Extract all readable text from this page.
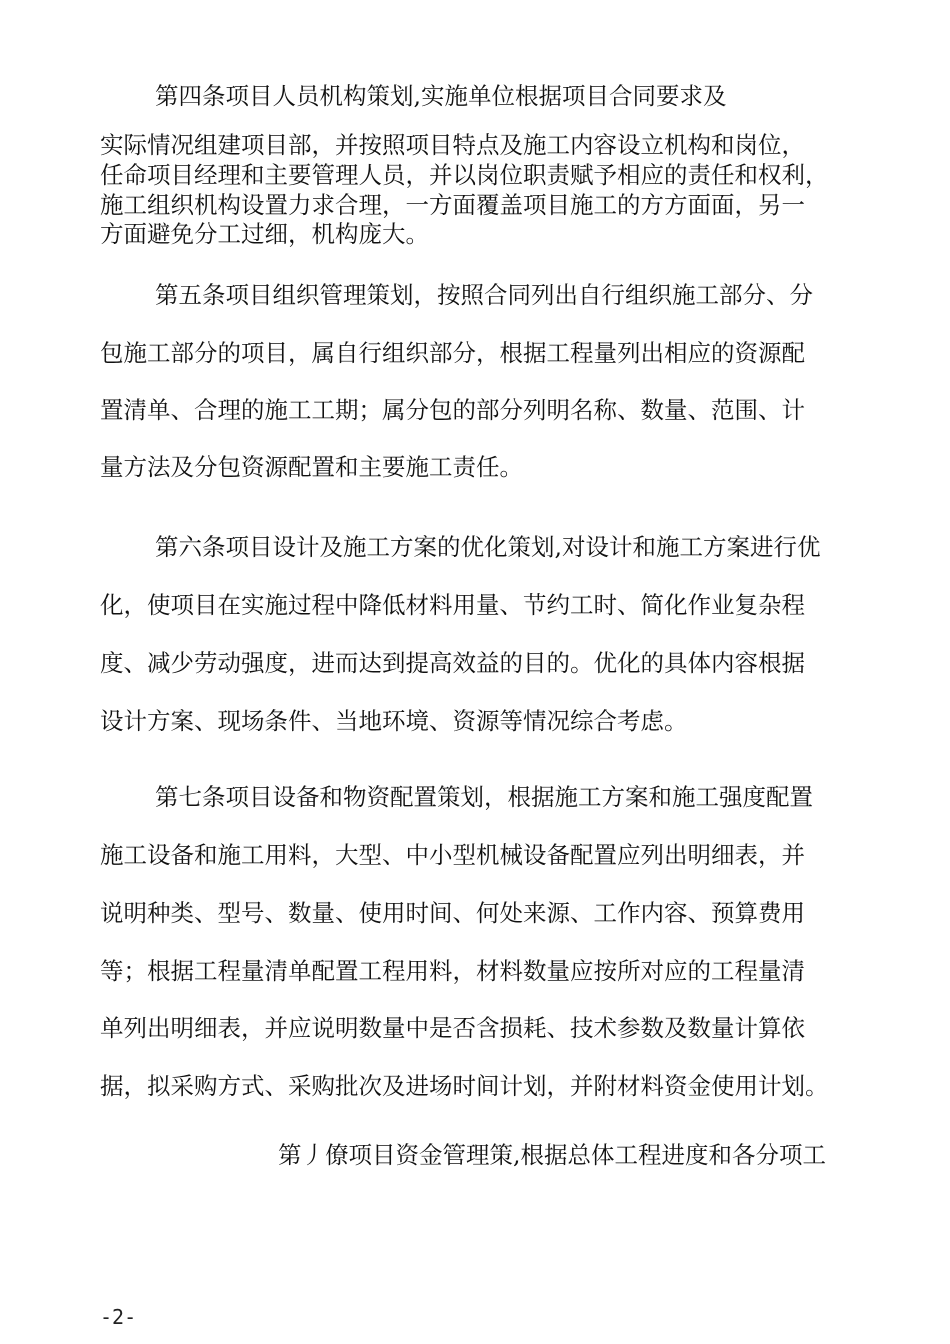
第四条项目人员机构策划,实施单位根据项目合同要求及
实际情况组建项目部，并按照项目特点及施工内容设立机构和岗位，
任命项目经理和主要管理人员，并以岗位职责赋予相应的责任和权利，
施工组织机构设置力求合理，一方面覆盖项目施工的方方面面，另一
方面避免分工过细，机构庞大。
第五条项目组织管理策划，按照合同列出自行组织施工部分、分
包施工部分的项目，属自行组织部分，根据工程量列出相应的资源配
置清单、合理的施工工期；属分包的部分列明名称、数量、范围、计
量方法及分包资源配置和主要施工责任。
第六条项目设计及施工方案的优化策划,对设计和施工方案进行优
化，使项目在实施过程中降低材料用量、节约工时、简化作业复杂程
度、减少劳动强度，进而达到提高效益的目的。优化的具体内容根据
设计方案、现场条件、当地环境、资源等情况综合考虑。
第七条项目设备和物资配置策划，根据施工方案和施工强度配置
施工设备和施工用料，大型、中小型机械设备配置应列出明细表，并
说明种类、型号、数量、使用时间、何处来源、工作内容、预算费用
等；根据工程量清单配置工程用料，材料数量应按所对应的工程量清
单列出明细表，并应说明数量中是否含损耗、技术参数及数量计算依
据，拟采购方式、采购批次及进场时间计划，并附材料资金使用计划。
第丿僚项目资金管理策,根据总体工程进度和各分项工
-2-
